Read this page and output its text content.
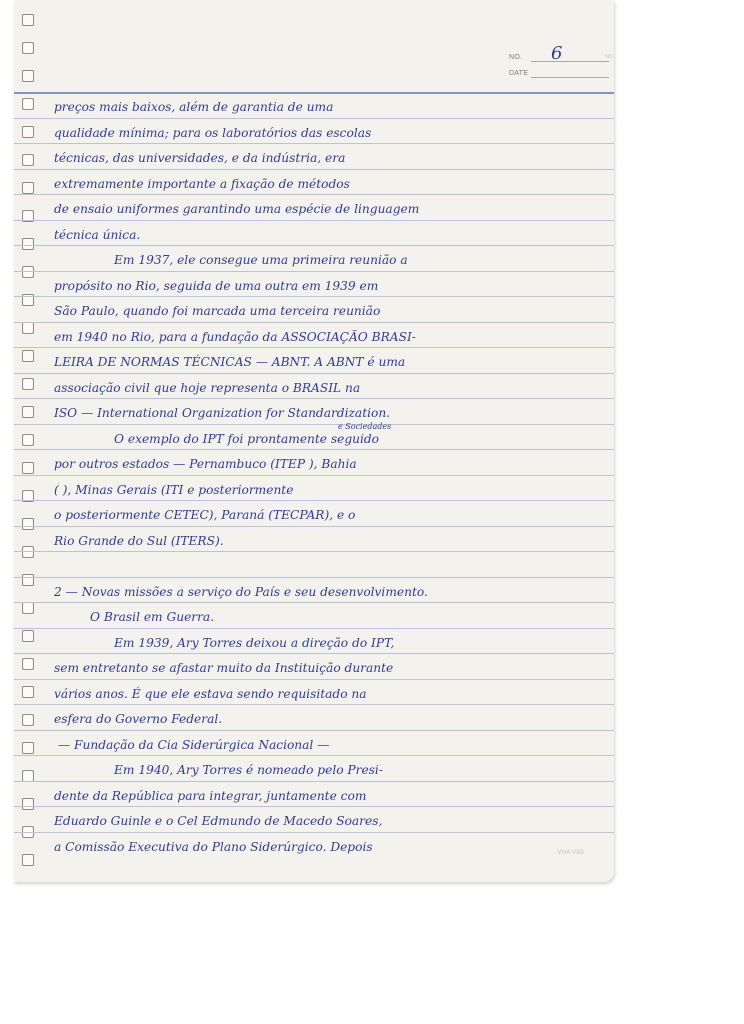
NO. 6	NO.
DATE
preços mais baixos, além de garantia de uma
qualidade mínima; para os laboratórios das escolas
técnicas, das universidades, e da indústria, era
extremamente importante a fixação de métodos
de ensaio uniformes garantindo uma espécie de linguagem
técnica única.
Em 1937, ele consegue uma primeira reunião a
propósito no Rio, seguida de uma outra em 1939 em
São Paulo, quando foi marcada uma terceira reunião
em 1940 no Rio, para a fundação da ASSOCIAÇÃO BRASI-
LEIRA DE NORMAS TÉCNICAS — ABNT. A ABNT é uma
associação civil que hoje representa o BRASIL na
ISO — International Organization for Standardization.
O exemplo do IPT foi prontamente seguido
por outros estados — Pernambuco (ITEP ), Bahia
( ), Minas Gerais (ITI e posteriormente
o posteriormente CETEC), Paraná (TECPAR), e o
Rio Grande do Sul (ITERS).
2 — Novas missões a serviço do País e seu desenvolvimento.
O Brasil em Guerra.
Em 1939, Ary Torres deixou a direção do IPT,
sem entretanto se afastar muito da Instituição durante
vários anos. É que ele estava sendo requisitado na
esfera do Governo Federal.
— Fundação da Cia Siderúrgica Nacional —
Em 1940, Ary Torres é nomeado pelo Presi-
dente da República para integrar, juntamente com
Eduardo Guinle e o Cel Edmundo de Macedo Soares,
a Comissão Executiva do Plano Siderúrgico. Depois
e Sociedades
VIVA V3G
